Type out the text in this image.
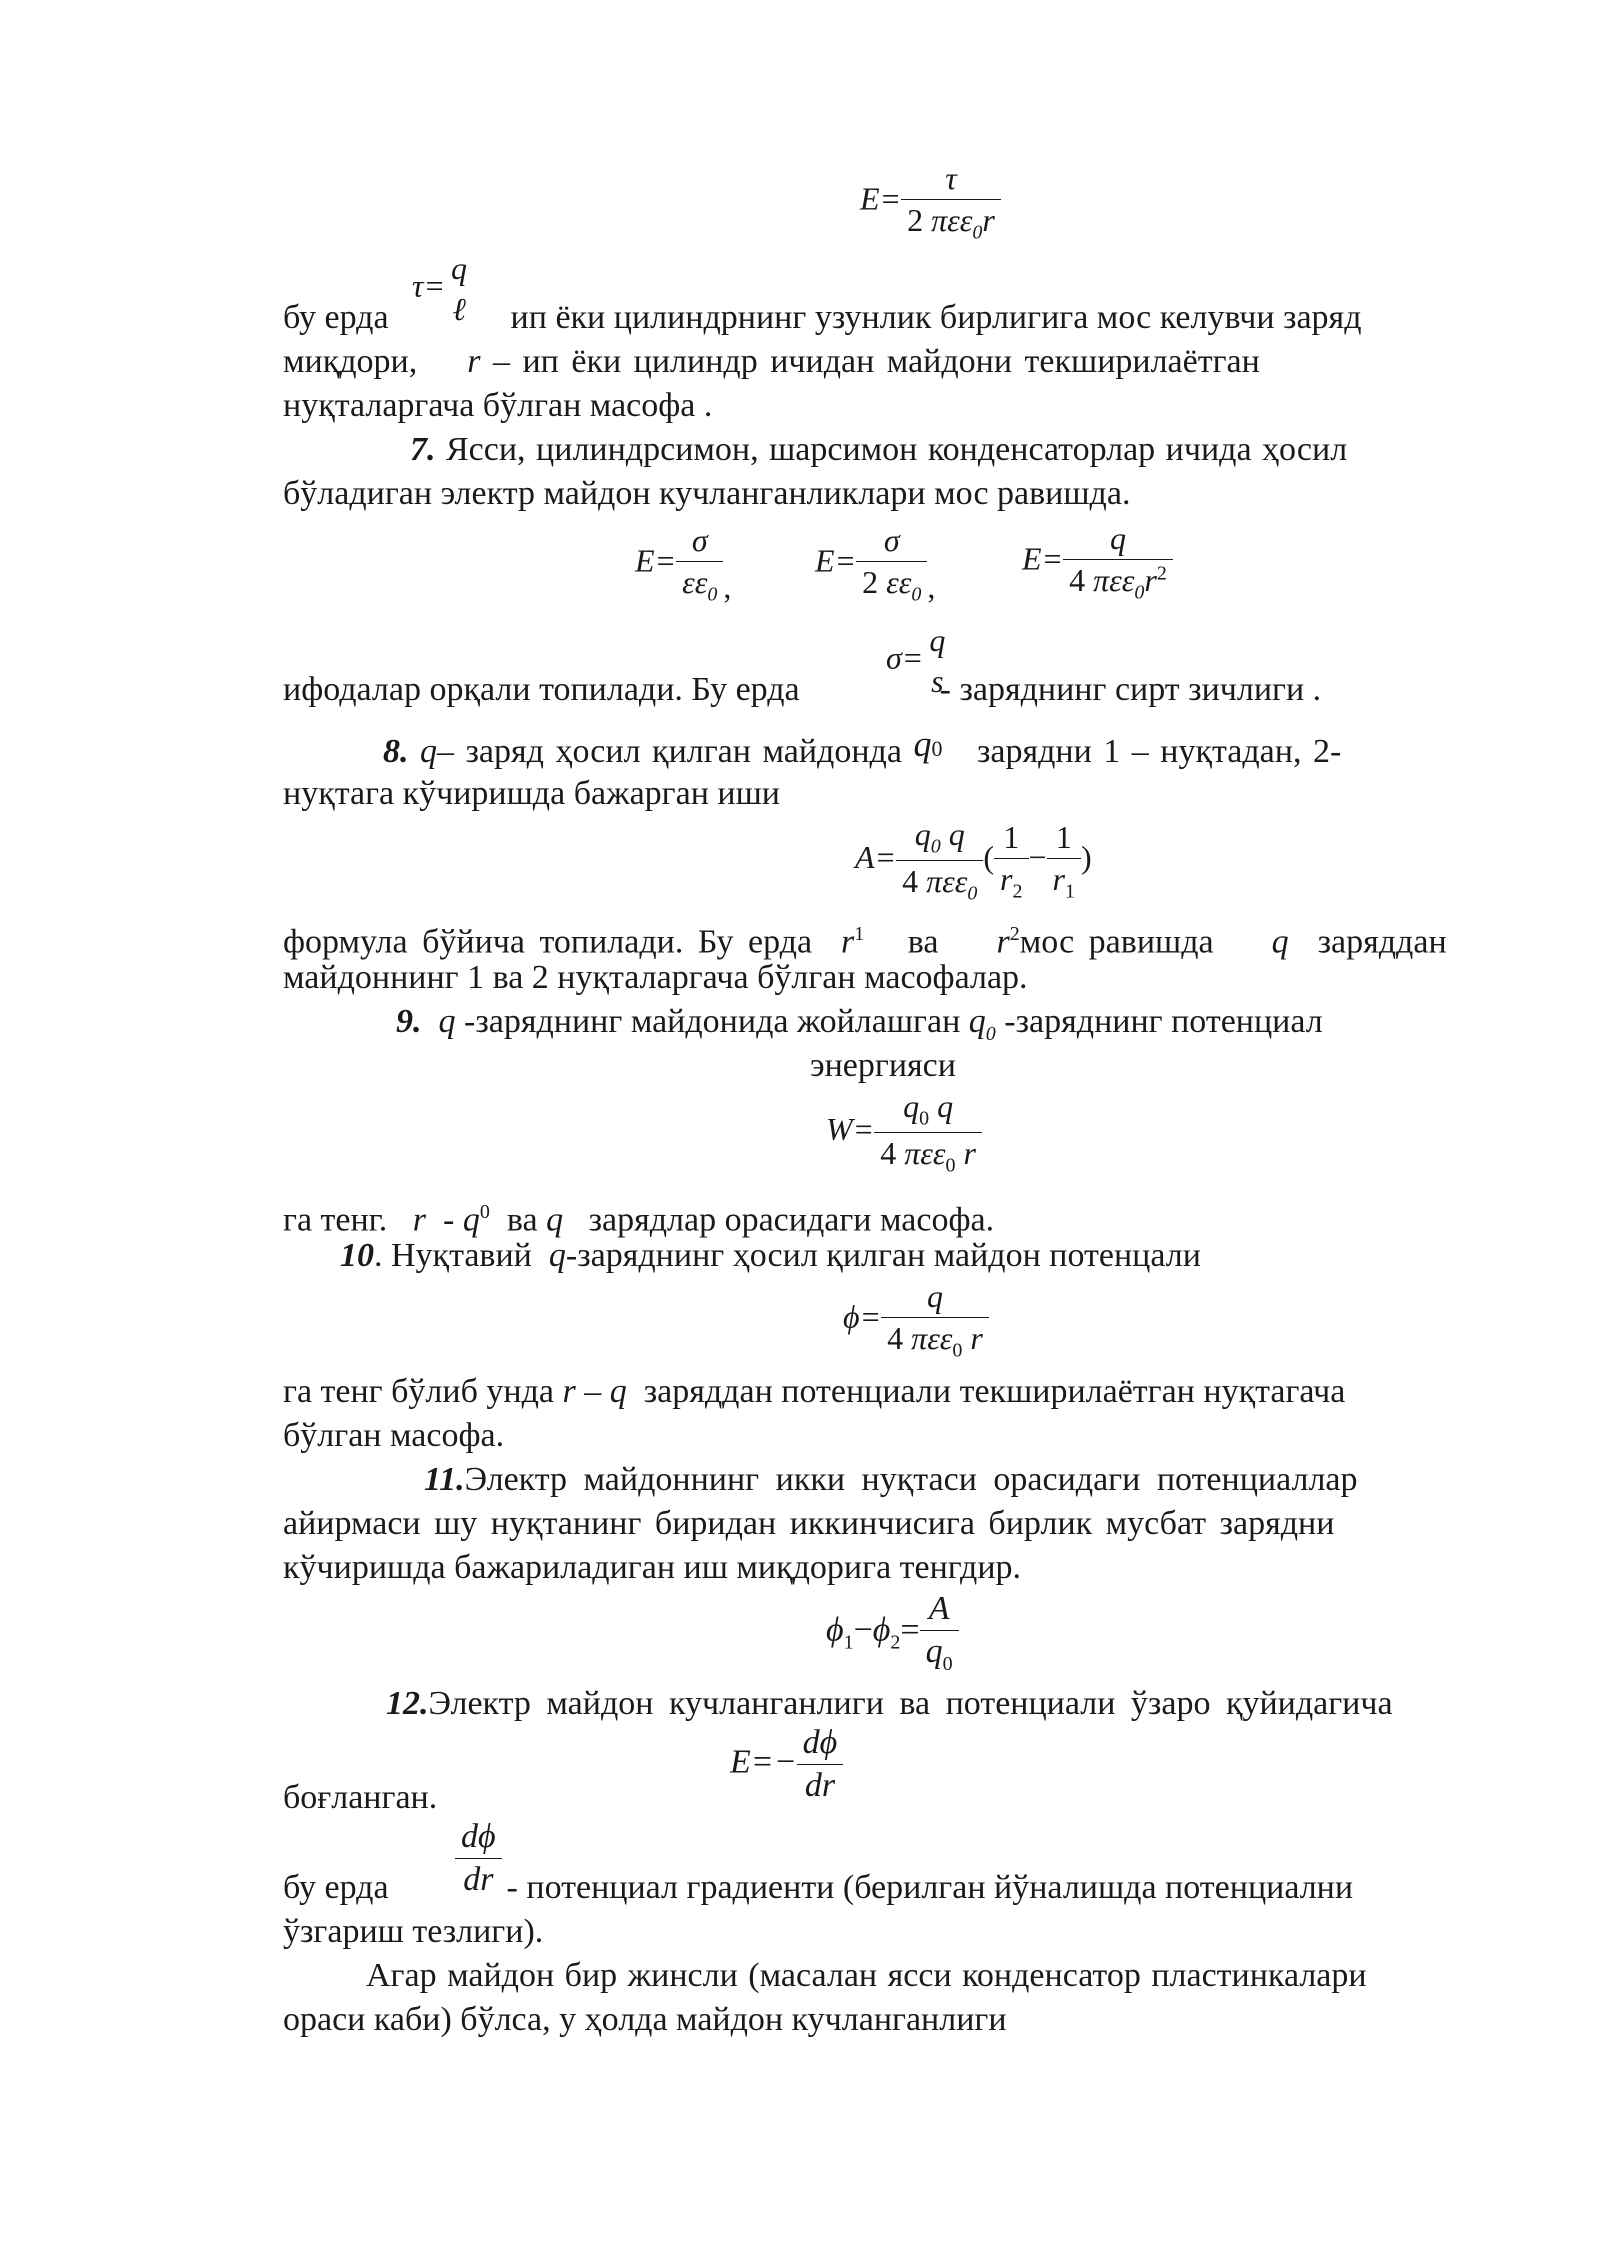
$E= \frac{\tau}{2 \pi\varepsilon\varepsilon_0r}$
τ= q
ℓ
бу ерда	ип ёки цилиндрнинг узунлик бирлигига мос келувчи заряд
миқдори, r – ип ёки цилиндр ичидан майдони текширилаётган
нуқталаргача бўлган масофа .
7. Ясси, цилиндрсимон, шарсимон конденсаторлар ичида ҳосил
бўладиган электр майдон кучланганликлари мос равишда.
$E= \frac{\sigma}{\varepsilon\varepsilon_0}$ ,
$E= \frac{\sigma}{2 \varepsilon\varepsilon_0}$ ,
$E= \frac{q}{4 \pi\varepsilon\varepsilon_0r^2}$
σ= q
s
ифодалар орқали топилади. Бу ерда	- заряднинг сирт зичлиги .
8. q– заряд ҳосил қилган майдонда q0 зарядни 1 – нуқтадан, 2-
нуқтага кўчиришда бажарган иши
$A= \frac{q_0 q}{4 \pi\varepsilon\varepsilon_0}$ ( $\frac{1}{r_2} - \frac{1}{r_1}$ )
формула бўйича топилади. Бу ерда $r^1$ ва $r^2мос$ равишда q заряддан
майдоннинг 1 ва 2 нуқталаргача бўлган масофалар.
9. q -заряднинг майдонида жойлашган $q_0$ -заряднинг потенциал
энергияси
$W= \frac{q_0 q}{4 \pi\varepsilon\varepsilon_0 r}$
га тенг. r - $q^0$ ва q зарядлар орасидаги масофа.
10. Нуқтавий q-заряднинг ҳосил қилган майдон потенцали
$\phi= \frac{q}{4 \pi\varepsilon\varepsilon_0 r}$
га тенг бўлиб унда r – q заряддан потенциали текширилаётган нуқтагача
бўлган масофа.
11.Электр майдоннинг икки нуқтаси орасидаги потенциаллар
айирмаси шу нуқтанинг биридан иккинчисига бирлик мусбат зарядни
кўчиришда бажариладиган иш миқдорига тенгдир.
$\phi_1-\phi_2= \frac{A}{q_0}$
12.Электр майдон кучланганлиги ва потенциали ўзаро қуйидагича
$E=- \frac{d\phi}{dr}$
боғланган.
$\frac{d\phi}{dr}$
бу ерда	- потенциал градиенти (берилган йўналишда потенциални
ўзгариш тезлиги).
Агар майдон бир жинсли (масалан ясси конденсатор пластинкалари
ораси каби) бўлса, у ҳолда майдон кучланганлиги
